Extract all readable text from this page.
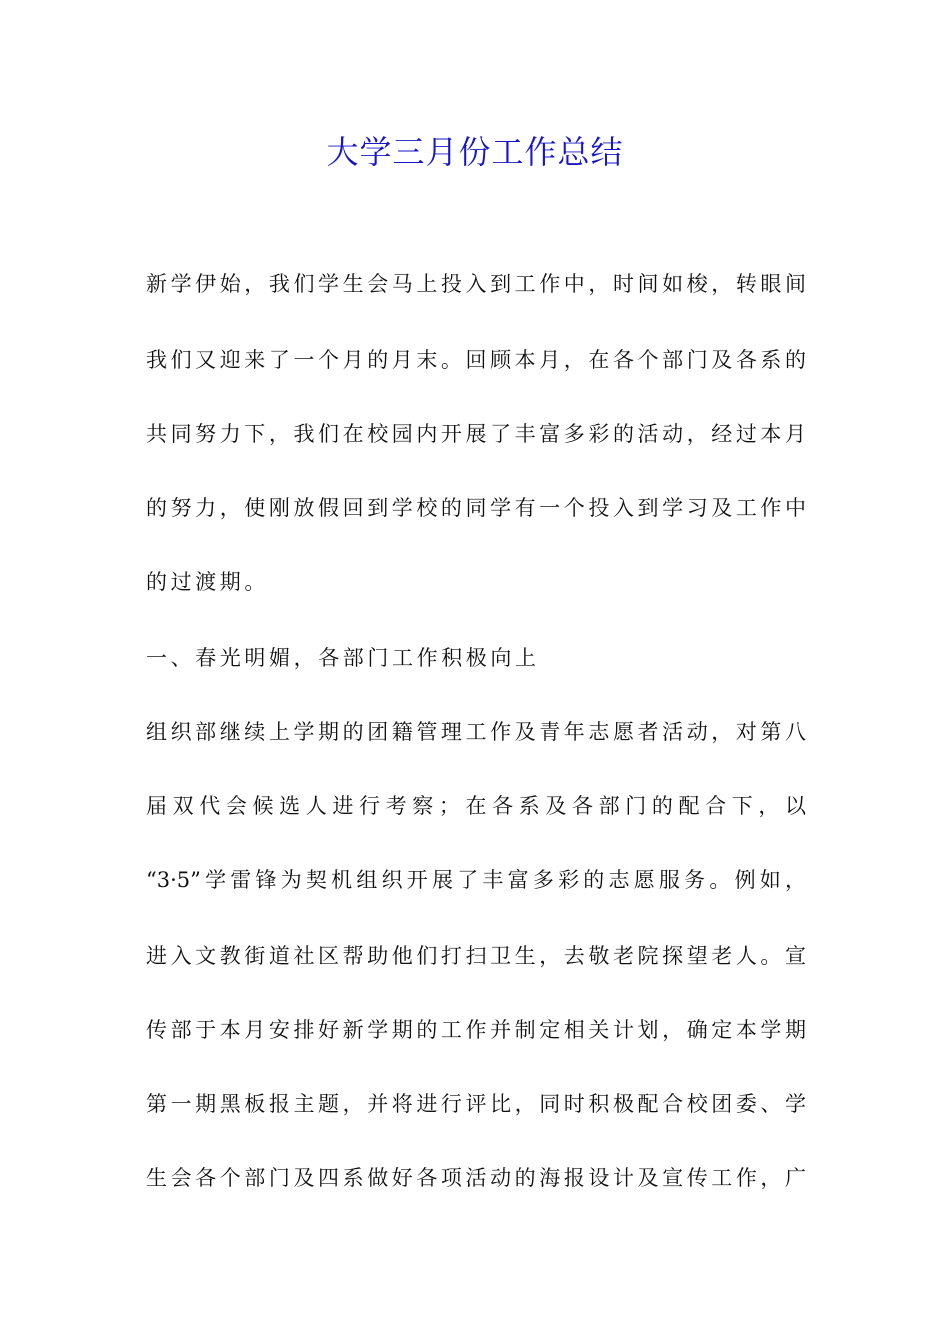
大学三月份工作总结
新学伊始，我们学生会马上投入到工作中，时间如梭，转眼间
我们又迎来了一个月的月末。回顾本月，在各个部门及各系的
共同努力下，我们在校园内开展了丰富多彩的活动，经过本月
的努力，使刚放假回到学校的同学有一个投入到学习及工作中
的过渡期。
一、春光明媚，各部门工作积极向上
组织部继续上学期的团籍管理工作及青年志愿者活动，对第八
届双代会候选人进行考察；在各系及各部门的配合下，以
“3·5”学雷锋为契机组织开展了丰富多彩的志愿服务。例如，
进入文教街道社区帮助他们打扫卫生，去敬老院探望老人。宣
传部于本月安排好新学期的工作并制定相关计划，确定本学期
第一期黑板报主题，并将进行评比，同时积极配合校团委、学
生会各个部门及四系做好各项活动的海报设计及宣传工作，广
